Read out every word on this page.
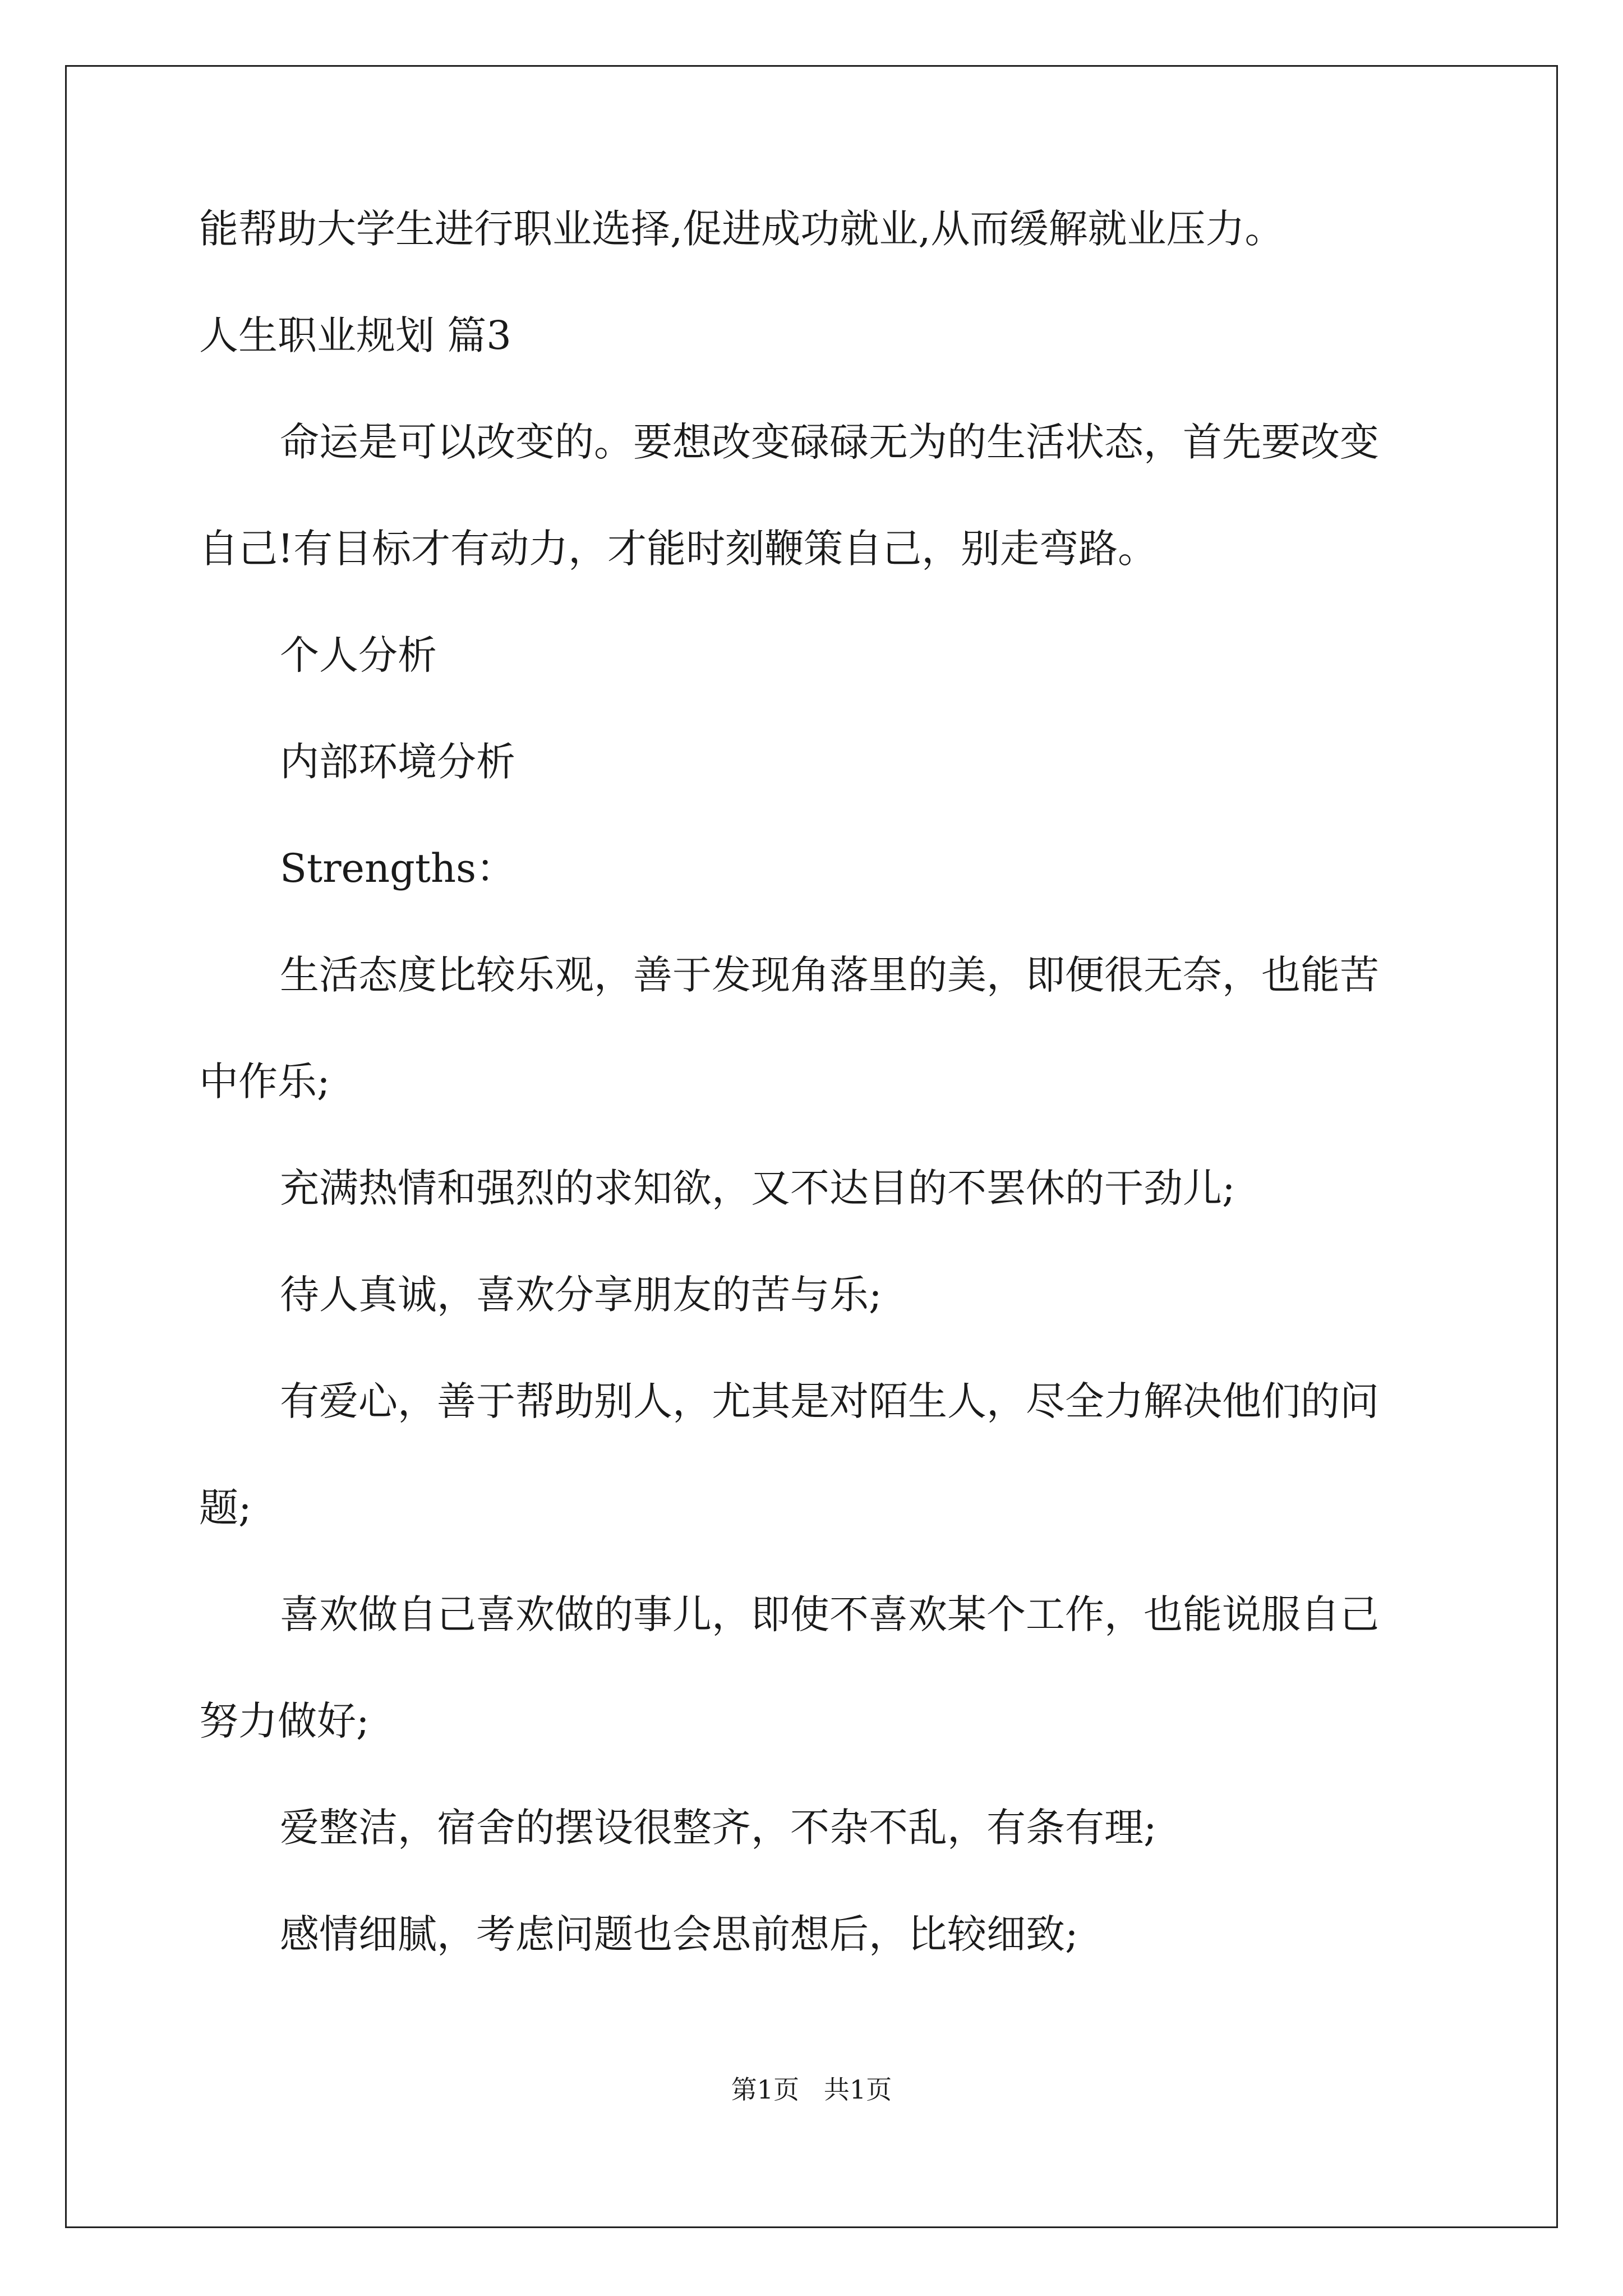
能帮助大学生进行职业选择,促进成功就业,从而缓解就业压力。
人生职业规划 篇3
命运是可以改变的。要想改变碌碌无为的生活状态，首先要改变
自己!有目标才有动力，才能时刻鞭策自己，别走弯路。
个人分析
内部环境分析
Strengths：
生活态度比较乐观，善于发现角落里的美，即便很无奈，也能苦
中作乐;
充满热情和强烈的求知欲，又不达目的不罢休的干劲儿;
待人真诚，喜欢分享朋友的苦与乐;
有爱心，善于帮助别人，尤其是对陌生人，尽全力解决他们的问
题;
喜欢做自己喜欢做的事儿，即使不喜欢某个工作，也能说服自己
努力做好;
爱整洁，宿舍的摆设很整齐，不杂不乱，有条有理;
感情细腻，考虑问题也会思前想后，比较细致;
第1页   共1页
